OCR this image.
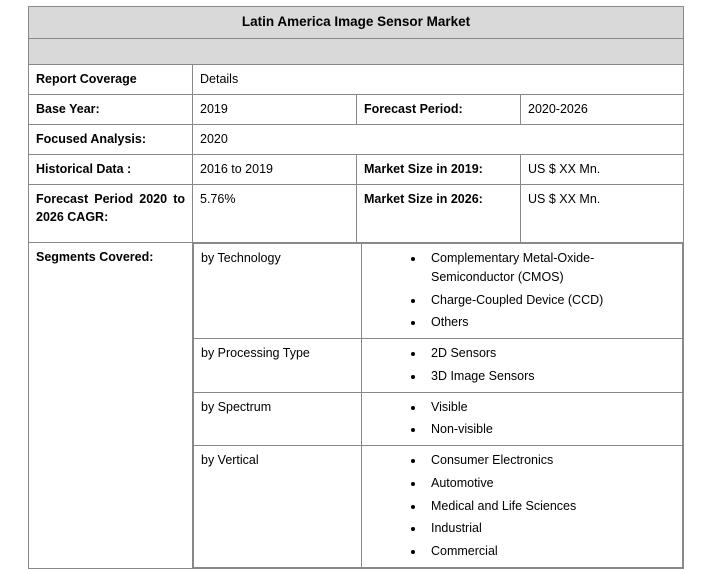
Latin America Image Sensor Market

Report Coverage	Details
Base Year:	2019	Forecast Period:	2020-2026
Focused Analysis:	2020
Historical Data :	2016 to 2019	Market Size in 2019:	US $ XX Mn.
Forecast Period 2020 to 2026 CAGR:	5.76%	Market Size in 2026:	US $ XX Mn.
Segments Covered:		by Technology	
•Complementary Metal-Oxide-Semiconductor (CMOS)
• Charge-Coupled Device (CCD)
• Others

by Processing Type	
•2D Sensors
• 3D Image Sensors

by Spectrum	
•Visible
• Non-visible

by Vertical	
•Consumer Electronics
• Automotive
• Medical and Life Sciences
• Industrial
• Commercial
